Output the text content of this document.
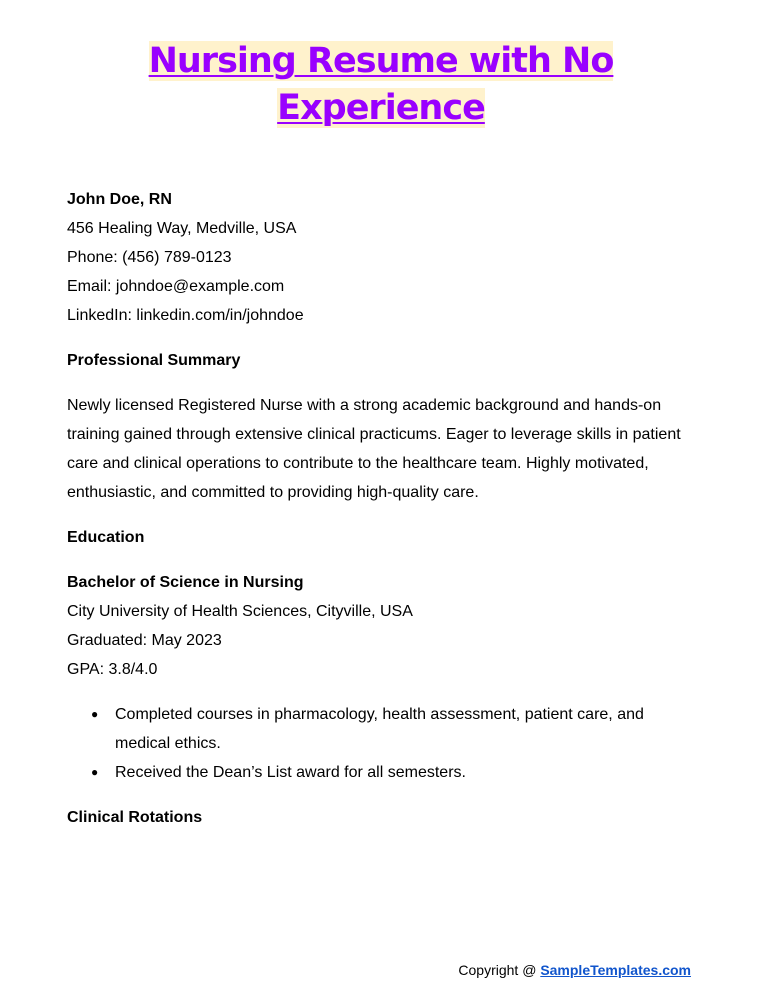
Nursing Resume with No
Experience
John Doe, RN
456 Healing Way, Medville, USA
Phone: (456) 789-0123
Email: johndoe@example.com
LinkedIn: linkedin.com/in/johndoe
Professional Summary
Newly licensed Registered Nurse with a strong academic background and hands-on
training gained through extensive clinical practicums. Eager to leverage skills in patient
care and clinical operations to contribute to the healthcare team. Highly motivated,
enthusiastic, and committed to providing high-quality care.
Education
Bachelor of Science in Nursing
City University of Health Sciences, Cityville, USA
Graduated: May 2023
GPA: 3.8/4.0
● Completed courses in pharmacology, health assessment, patient care, and
medical ethics.
● Received the Dean’s List award for all semesters.
Clinical Rotations
Copyright @ SampleTemplates.com
